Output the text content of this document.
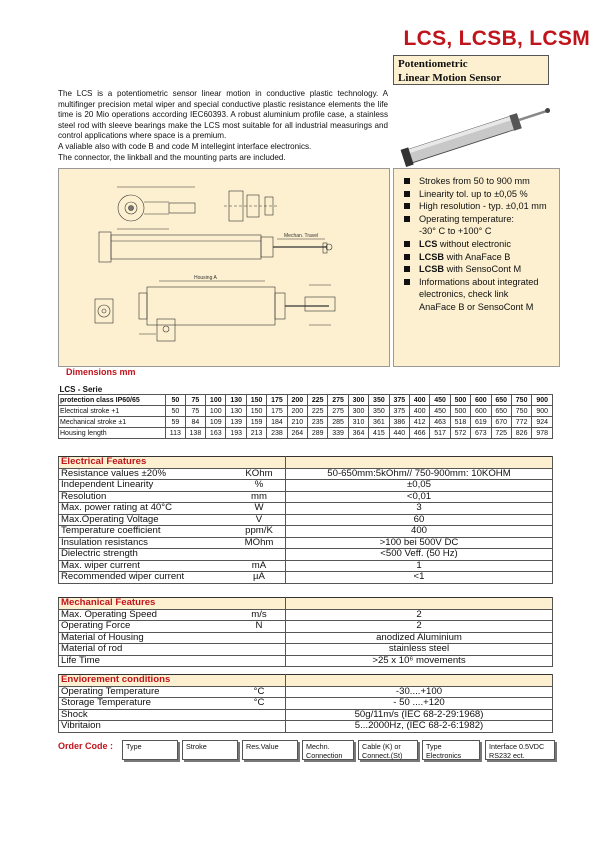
LCS, LCSB, LCSM
Potentiometric
Linear Motion Sensor

The LCS is a potentiometric sensor linear motion in conductive plastic technology. A multifinger precision metal wiper and special conductive plastic resistance elements the life time is 20 Mio operations according IEC60393. A robust aluminium profile case, a stainless steel rod with sleeve bearings make the LCS most suitable for all industrial measurings and control applications where space is a premium.

A valiable also with code B and code M intellegint interface electronics.

The connector, the linkball and the mounting parts are included.

Mechan. Travel
Housing A
Strokes from 50 to 900 mm
Linearity tol. up to ±0,05 %
High resolution - typ. ±0,01 mm
Operating temperature:
-30° C to +100° C
LCS without electronic
LCSB with AnaFace B
LCSB with SensoCont M
Informations about integrated
electronics, check link
AnaFace B or SensoCont M
Dimensions mm
LCS - Serie																			
protection class IP60/65	50	75	100	130	150	175	200	225	275	300	350	375	400	450	500	600	650	750	900
Electrical stroke +1	50	75	100	130	150	175	200	225	275	300	350	375	400	450	500	600	650	750	900
Mechanical stroke ±1	59	84	109	139	159	184	210	235	285	310	361	386	412	463	518	619	670	772	924
Housing length	113	138	163	193	213	238	264	289	339	364	415	440	466	517	572	673	725	826	978
Electrical Features		
Resistance values ±20%	KOhm	50-650mm:5kOhm// 750-900mm: 10KOHM
Independent Linearity	%	±0,05
Resolution	mm	<0,01
Max. power rating at 40°C	W	3
Max.Operating Voltage	V	60
Temperature coefficient	ppm/K	400
Insulation resistancs	MOhm	>100 bei 500V DC
Dielectric strength		<500 Veff. (50 Hz)
Max. wiper current	mA	1
Recommended wiper current	µA	<1
Mechanical Features		
Max. Operating Speed	m/s	2
Operating Force	N	2
Material of Housing		anodized Aluminium
Material of rod		stainless steel
Life Time		>25 x 10⁶ movements
Enviorement conditions		
Operating Temperature	°C	-30....+100
Storage Temperature	°C	- 50 ....+120
Shock		50g/11m/s (IEC 68-2-29:1968)
Vibritaion		5...2000Hz, (IEC 68-2-6:1982)
Order Code : Type	Stroke	Res.Value	Mechn.
Connection
Cable (K) or
Connect.(St)
Type
Electronics
Interface 0.5VDC
RS232 ect.
